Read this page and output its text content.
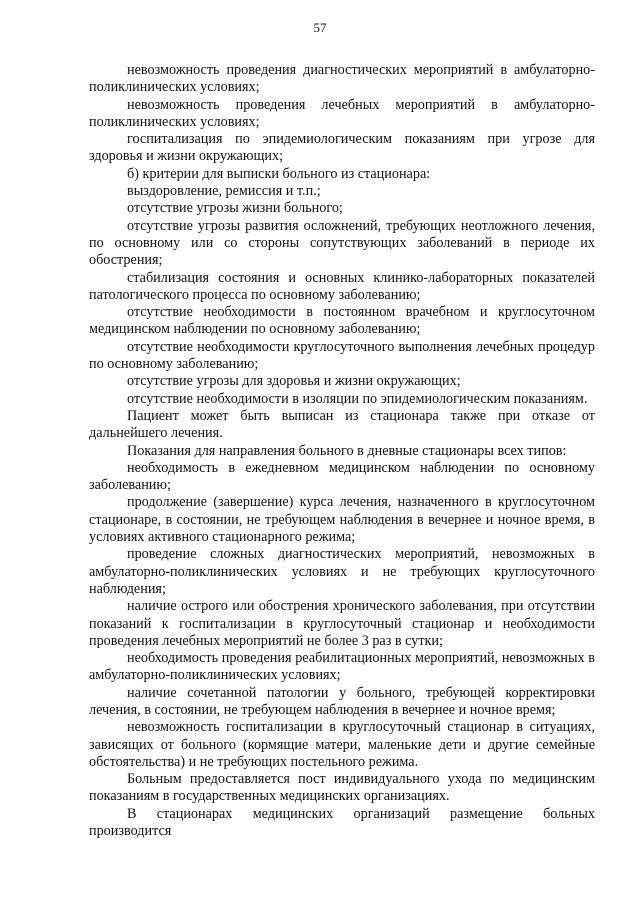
57

невозможность проведения диагностических мероприятий в амбулаторно-поликлинических условиях;

невозможность проведения лечебных мероприятий в амбулаторно-поликлинических условиях;

госпитализация по эпидемиологическим показаниям при угрозе для здоровья и жизни окружающих;

б) критерии для выписки больного из стационара:

выздоровление, ремиссия и т.п.;

отсутствие угрозы жизни больного;

отсутствие угрозы развития осложнений, требующих неотложного лечения, по основному или со стороны сопутствующих заболеваний в периоде их обострения;

стабилизация состояния и основных клинико-лабораторных показателей патологического процесса по основному заболеванию;

отсутствие необходимости в постоянном врачебном и круглосуточном медицинском наблюдении по основному заболеванию;

отсутствие необходимости круглосуточного выполнения лечебных процедур по основному заболеванию;

отсутствие угрозы для здоровья и жизни окружающих;

отсутствие необходимости в изоляции по эпидемиологическим показаниям.

Пациент может быть выписан из стационара также при отказе от дальнейшего лечения.

Показания для направления больного в дневные стационары всех типов:

необходимость в ежедневном медицинском наблюдении по основному заболеванию;

продолжение (завершение) курса лечения, назначенного в круглосуточном стационаре, в состоянии, не требующем наблюдения в вечернее и ночное время, в условиях активного стационарного режима;

проведение сложных диагностических мероприятий, невозможных в амбулаторно-поликлинических условиях и не требующих круглосуточного наблюдения;

наличие острого или обострения хронического заболевания, при отсутствии показаний к госпитализации в круглосуточный стационар и необходимости проведения лечебных мероприятий не более 3 раз в сутки;

необходимость проведения реабилитационных мероприятий, невозможных в амбулаторно-поликлинических условиях;

наличие сочетанной патологии у больного, требующей корректировки лечения, в состоянии, не требующем наблюдения в вечернее и ночное время;

невозможность госпитализации в круглосуточный стационар в ситуациях, зависящих от больного (кормящие матери, маленькие дети и другие семейные обстоятельства) и не требующих постельного режима.

Больным предоставляется пост индивидуального ухода по медицинским показаниям в государственных медицинских организациях.

В стационарах медицинских организаций размещение больных производится
